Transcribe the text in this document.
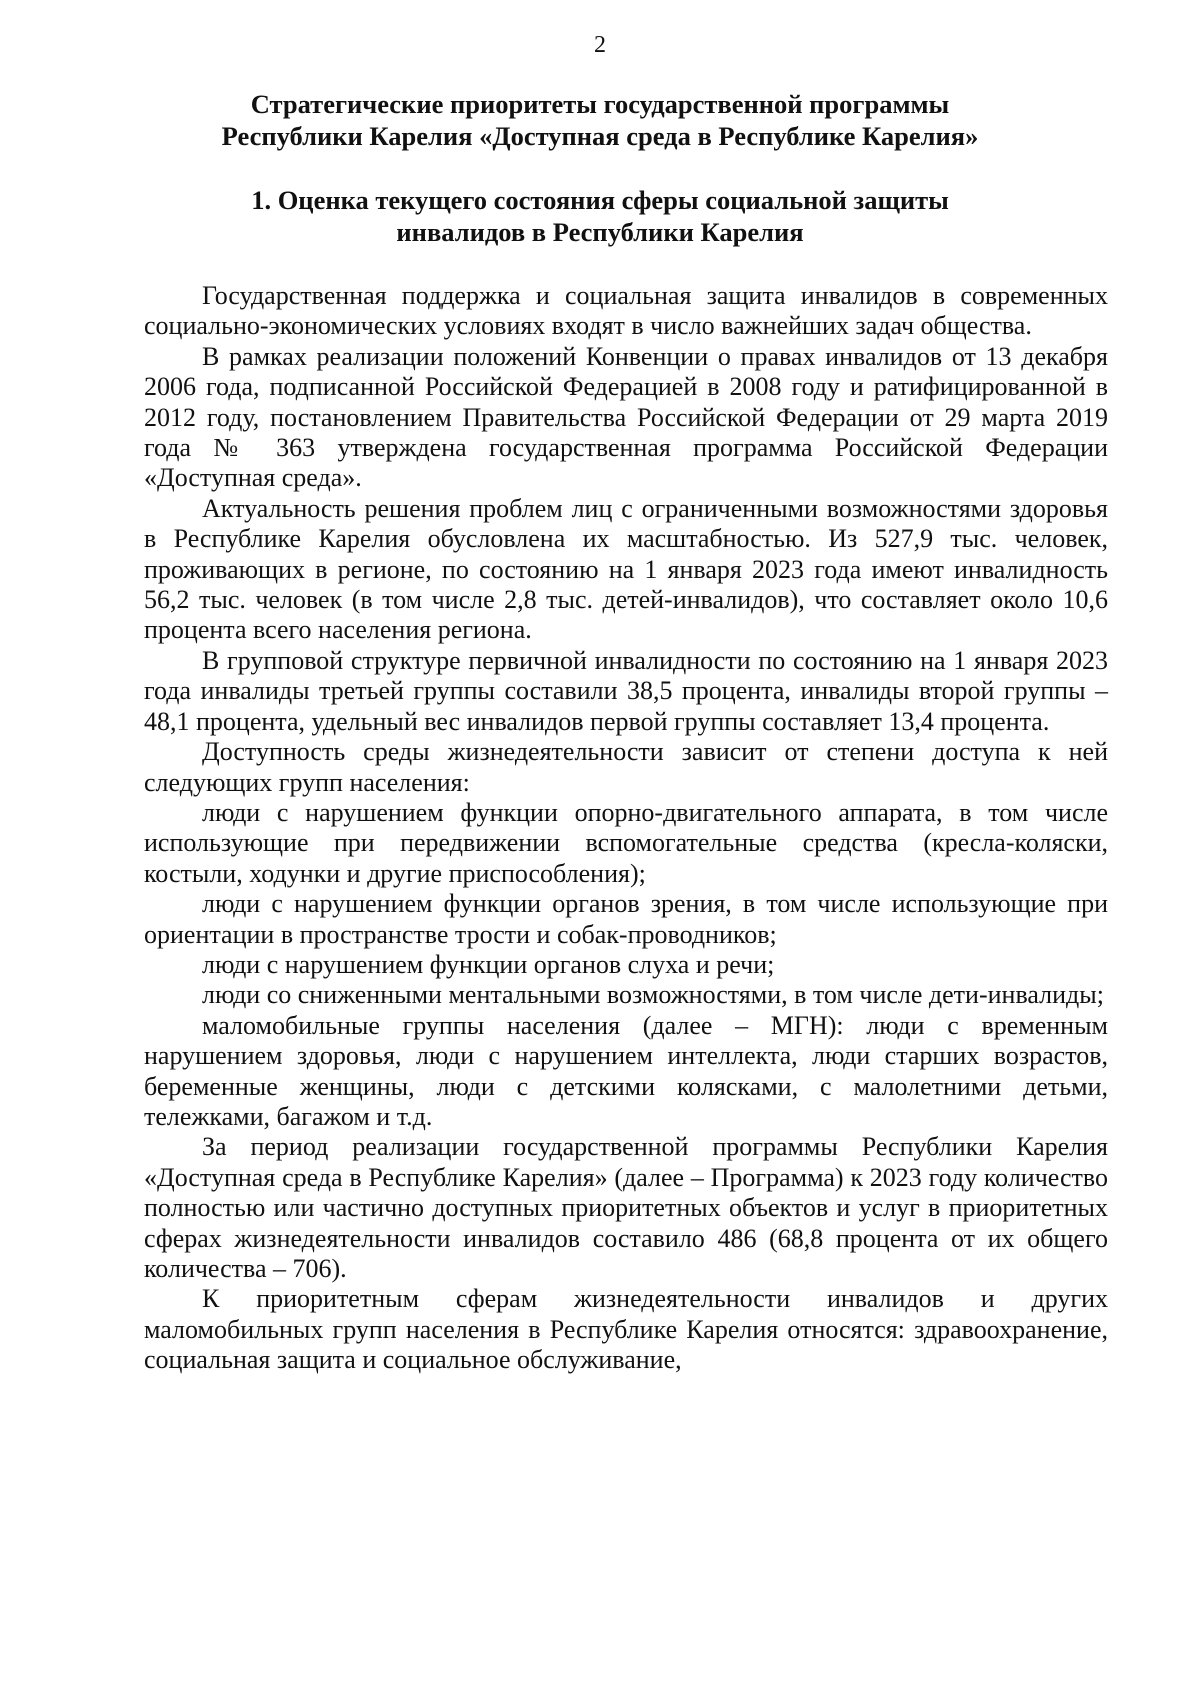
2
Стратегические приоритеты государственной программы
Республики Карелия «Доступная среда в Республике Карелия»
1. Оценка текущего состояния сферы социальной защиты
инвалидов в Республики Карелия

Государственная поддержка и социальная защита инвалидов в современных социально-экономических условиях входят в число важнейших задач общества.

В рамках реализации положений Конвенции о правах инвалидов от 13 декабря 2006 года, подписанной Российской Федерацией в 2008 году и ратифицированной в 2012 году, постановлением Правительства Российской Федерации от 29 марта 2019 года № 363 утверждена государственная программа Российской Федерации «Доступная среда».

Актуальность решения проблем лиц с ограниченными возможностями здоровья в Республике Карелия обусловлена их масштабностью. Из 527,9 тыс. человек, проживающих в регионе, по состоянию на 1 января 2023 года имеют инвалидность 56,2 тыс. человек (в том числе 2,8 тыс. детей-инвалидов), что составляет около 10,6 процента всего населения региона.

В групповой структуре первичной инвалидности по состоянию на 1 января 2023 года инвалиды третьей группы составили 38,5 процента, инвалиды второй группы – 48,1 процента, удельный вес инвалидов первой группы составляет 13,4 процента.

Доступность среды жизнедеятельности зависит от степени доступа к ней следующих групп населения:

люди с нарушением функции опорно-двигательного аппарата, в том числе использующие при передвижении вспомогательные средства (кресла-коляски, костыли, ходунки и другие приспособления);

люди с нарушением функции органов зрения, в том числе использующие при ориентации в пространстве трости и собак-проводников;

люди с нарушением функции органов слуха и речи;

люди со сниженными ментальными возможностями, в том числе дети-инвалиды;

маломобильные группы населения (далее – МГН): люди с временным нарушением здоровья, люди с нарушением интеллекта, люди старших возрастов, беременные женщины, люди с детскими колясками, с малолетними детьми, тележками, багажом и т.д.

За период реализации государственной программы Республики Карелия «Доступная среда в Республике Карелия» (далее – Программа) к 2023 году количество полностью или частично доступных приоритетных объектов и услуг в приоритетных сферах жизнедеятельности инвалидов составило 486 (68,8 процента от их общего количества – 706).

К приоритетным сферам жизнедеятельности инвалидов и других маломобильных групп населения в Республике Карелия относятся: здравоохранение, социальная защита и социальное обслуживание,
